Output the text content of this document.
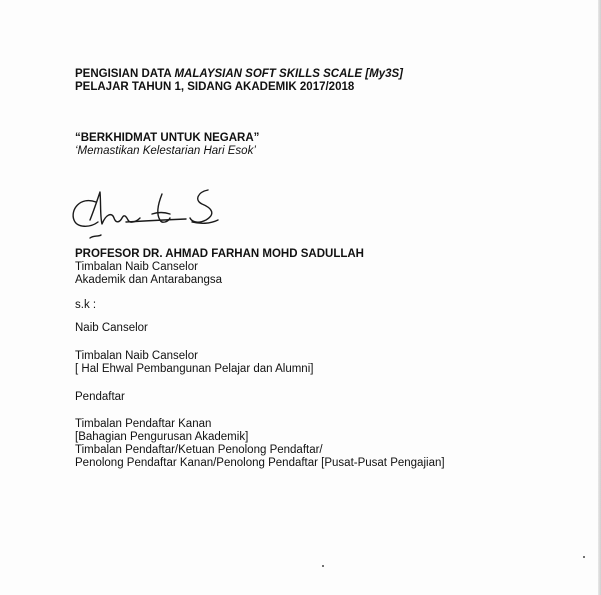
PENGISIAN DATA MALAYSIAN SOFT SKILLS SCALE [My3S]
PELAJAR TAHUN 1, SIDANG AKADEMIK 2017/2018
“BERKHIDMAT UNTUK NEGARA”
‘Memastikan Kelestarian Hari Esok’
PROFESOR DR. AHMAD FARHAN MOHD SADULLAH
Timbalan Naib Canselor
Akademik dan Antarabangsa
s.k :
Naib Canselor
Timbalan Naib Canselor
[ Hal Ehwal Pembangunan Pelajar dan Alumni]
Pendaftar
Timbalan Pendaftar Kanan
[Bahagian Pengurusan Akademik]
Timbalan Pendaftar/Ketuan Penolong Pendaftar/
Penolong Pendaftar Kanan/Penolong Pendaftar [Pusat-Pusat Pengajian]
